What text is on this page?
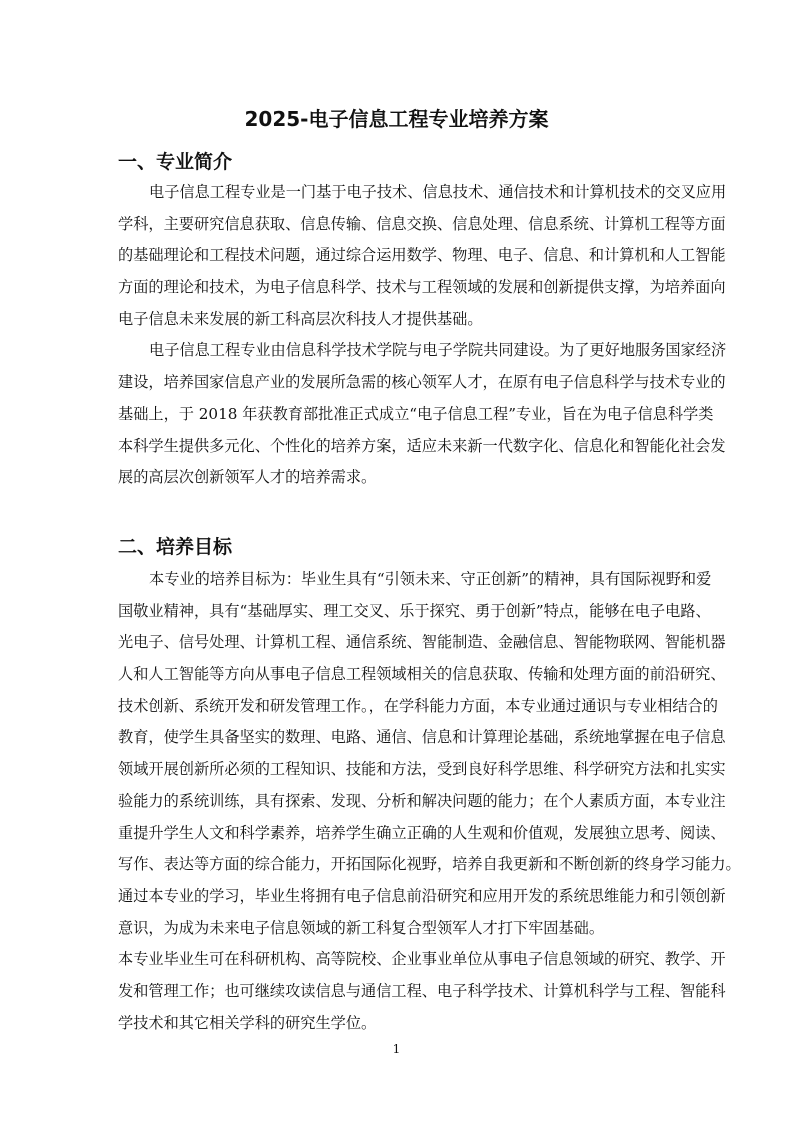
2025-电子信息工程专业培养方案
一、专业简介
电子信息工程专业是一门基于电子技术、信息技术、通信技术和计算机技术的交叉应用
学科，主要研究信息获取、信息传输、信息交换、信息处理、信息系统、计算机工程等方面
的基础理论和工程技术问题，通过综合运用数学、物理、电子、信息、和计算机和人工智能
方面的理论和技术，为电子信息科学、技术与工程领域的发展和创新提供支撑，为培养面向
电子信息未来发展的新工科高层次科技人才提供基础。
电子信息工程专业由信息科学技术学院与电子学院共同建设。为了更好地服务国家经济
建设，培养国家信息产业的发展所急需的核心领军人才，在原有电子信息科学与技术专业的
基础上，于 2018 年获教育部批准正式成立“电子信息工程”专业，旨在为电子信息科学类
本科学生提供多元化、个性化的培养方案，适应未来新一代数字化、信息化和智能化社会发
展的高层次创新领军人才的培养需求。
二、培养目标
本专业的培养目标为：毕业生具有“引领未来、守正创新”的精神，具有国际视野和爱
国敬业精神，具有“基础厚实、理工交叉、乐于探究、勇于创新”特点，能够在电子电路、
光电子、信号处理、计算机工程、通信系统、智能制造、金融信息、智能物联网、智能机器
人和人工智能等方向从事电子信息工程领域相关的信息获取、传输和处理方面的前沿研究、
技术创新、系统开发和研发管理工作。，在学科能力方面，本专业通过通识与专业相结合的
教育，使学生具备坚实的数理、电路、通信、信息和计算理论基础，系统地掌握在电子信息
领域开展创新所必须的工程知识、技能和方法，受到良好科学思维、科学研究方法和扎实实
验能力的系统训练，具有探索、发现、分析和解决问题的能力；在个人素质方面，本专业注
重提升学生人文和科学素养，培养学生确立正确的人生观和价值观，发展独立思考、阅读、
写作、表达等方面的综合能力，开拓国际化视野，培养自我更新和不断创新的终身学习能力。
通过本专业的学习，毕业生将拥有电子信息前沿研究和应用开发的系统思维能力和引领创新
意识，为成为未来电子信息领域的新工科复合型领军人才打下牢固基础。
本专业毕业生可在科研机构、高等院校、企业事业单位从事电子信息领域的研究、教学、开
发和管理工作；也可继续攻读信息与通信工程、电子科学技术、计算机科学与工程、智能科
学技术和其它相关学科的研究生学位。
1
